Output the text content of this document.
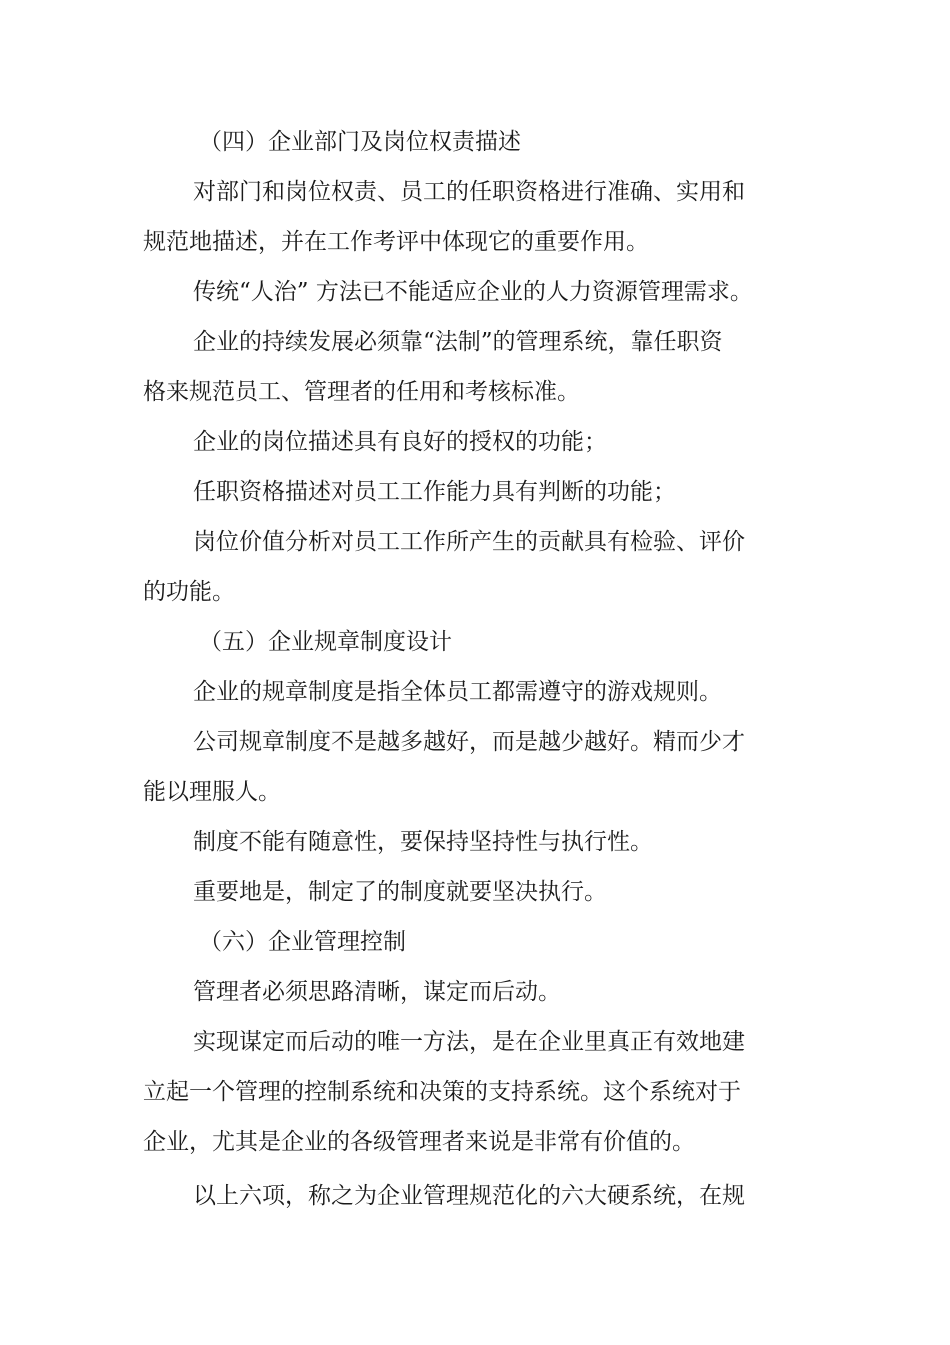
（四）企业部门及岗位权责描述

对部门和岗位权责、员工的任职资格进行准确、实用和

规范地描述，并在工作考评中体现它的重要作用。

传统“人治” 方法已不能适应企业的人力资源管理需求。

企业的持续发展必须靠“法制”的管理系统，靠任职资

格来规范员工、管理者的任用和考核标准。

企业的岗位描述具有良好的授权的功能；

任职资格描述对员工工作能力具有判断的功能；

岗位价值分析对员工工作所产生的贡献具有检验、评价

的功能。

（五）企业规章制度设计

企业的规章制度是指全体员工都需遵守的游戏规则。

公司规章制度不是越多越好，而是越少越好。精而少才

能以理服人。

制度不能有随意性，要保持坚持性与执行性。

重要地是，制定了的制度就要坚决执行。

（六）企业管理控制

管理者必须思路清晰，谋定而后动。

实现谋定而后动的唯一方法，是在企业里真正有效地建

立起一个管理的控制系统和决策的支持系统。这个系统对于

企业，尤其是企业的各级管理者来说是非常有价值的。

以上六项，称之为企业管理规范化的六大硬系统，在规
